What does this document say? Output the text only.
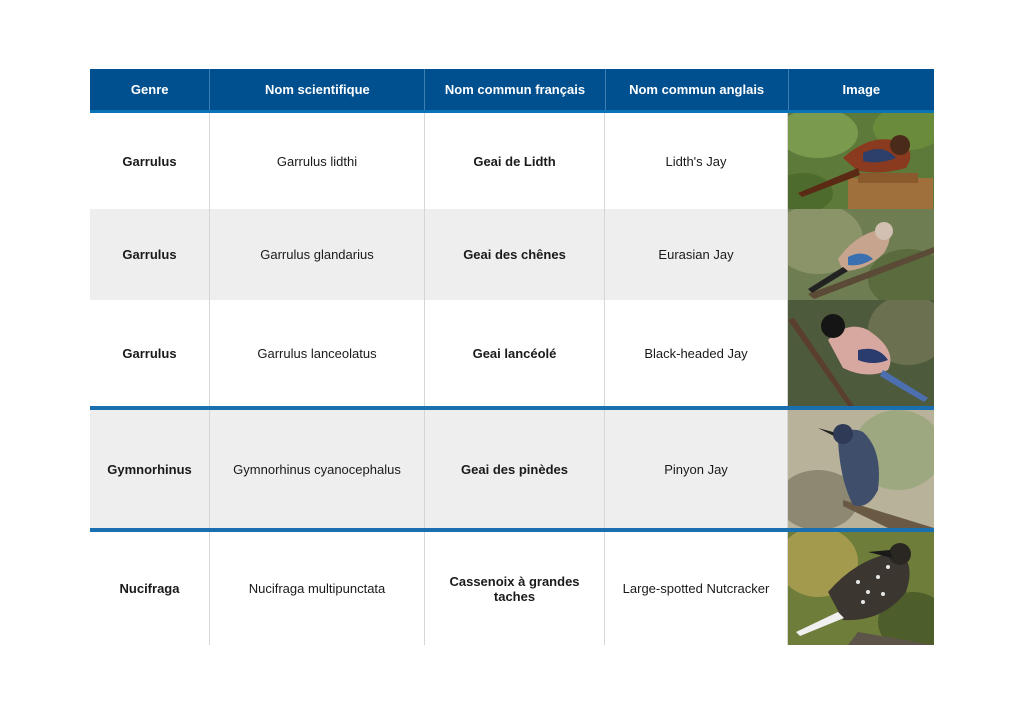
Genre	Nom scientifique	Nom commun français	Nom commun anglais	Image
Garrulus	Garrulus lidthi	Geai de Lidth	Lidth's Jay
Garrulus	Garrulus glandarius	Geai des chênes	Eurasian Jay
Garrulus	Garrulus lanceolatus	Geai lancéolé	Black-headed Jay
Gymnorhinus	Gymnorhinus cyanocephalus	Geai des pinèdes	Pinyon Jay
Nucifraga	Nucifraga multipunctata	Cassenoix à grandes taches	Large-spotted Nutcracker
